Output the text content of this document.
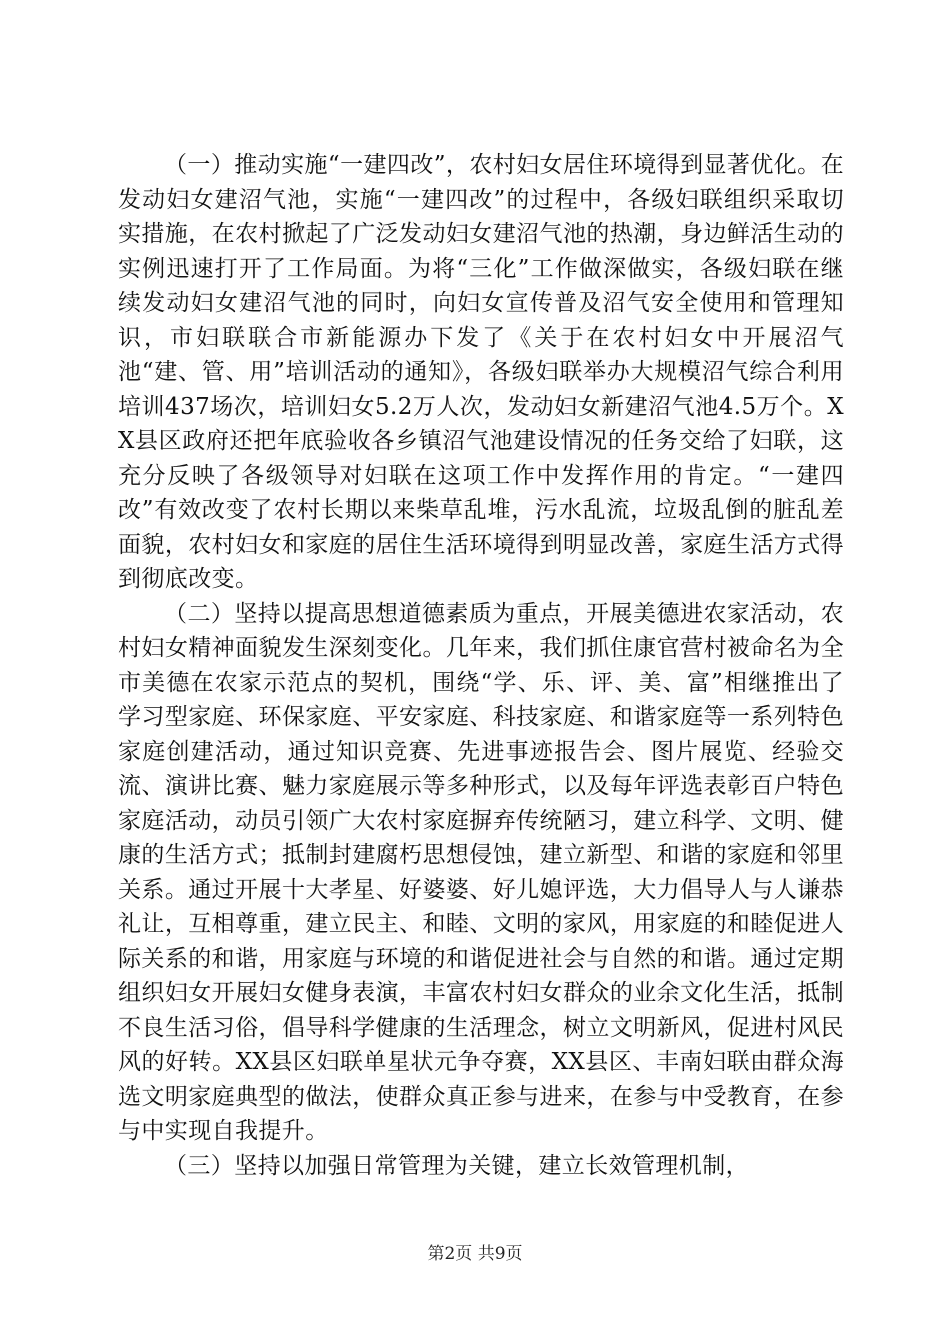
（一）推动实施“一建四改”，农村妇女居住环境得到显著优化。在发动妇女建沼气池，实施“一建四改”的过程中，各级妇联组织采取切实措施，在农村掀起了广泛发动妇女建沼气池的热潮，身边鲜活生动的实例迅速打开了工作局面。为将“三化”工作做深做实，各级妇联在继续发动妇女建沼气池的同时，向妇女宣传普及沼气安全使用和管理知识，市妇联联合市新能源办下发了《关于在农村妇女中开展沼气池“建、管、用”培训活动的通知》，各级妇联举办大规模沼气综合利用培训437场次，培训妇女5.2万人次，发动妇女新建沼气池4.5万个。XX县区政府还把年底验收各乡镇沼气池建设情况的任务交给了妇联，这充分反映了各级领导对妇联在这项工作中发挥作用的肯定。“一建四改”有效改变了农村长期以来柴草乱堆，污水乱流，垃圾乱倒的脏乱差面貌，农村妇女和家庭的居住生活环境得到明显改善，家庭生活方式得到彻底改变。

（二）坚持以提高思想道德素质为重点，开展美德进农家活动，农村妇女精神面貌发生深刻变化。几年来，我们抓住康官营村被命名为全市美德在农家示范点的契机，围绕“学、乐、评、美、富”相继推出了学习型家庭、环保家庭、平安家庭、科技家庭、和谐家庭等一系列特色家庭创建活动，通过知识竞赛、先进事迹报告会、图片展览、经验交流、演讲比赛、魅力家庭展示等多种形式，以及每年评选表彰百户特色家庭活动，动员引领广大农村家庭摒弃传统陋习，建立科学、文明、健康的生活方式；抵制封建腐朽思想侵蚀，建立新型、和谐的家庭和邻里关系。通过开展十大孝星、好婆婆、好儿媳评选，大力倡导人与人谦恭礼让，互相尊重，建立民主、和睦、文明的家风，用家庭的和睦促进人际关系的和谐，用家庭与环境的和谐促进社会与自然的和谐。通过定期组织妇女开展妇女健身表演，丰富农村妇女群众的业余文化生活，抵制不良生活习俗，倡导科学健康的生活理念，树立文明新风，促进村风民风的好转。XX县区妇联单星状元争夺赛，XX县区、丰南妇联由群众海选文明家庭典型的做法，使群众真正参与进来，在参与中受教育，在参与中实现自我提升。

（三）坚持以加强日常管理为关键，建立长效管理机制，

第2页 共9页
